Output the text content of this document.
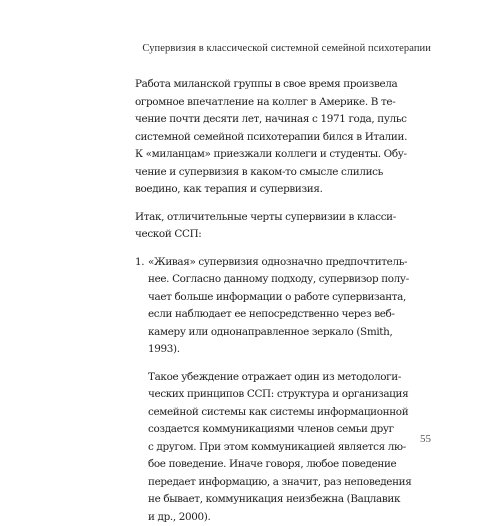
Супервизия в классической системной семейной психотерапии
Работа миланской группы в свое время произвела
огромное впечатление на коллег в Америке. В те-
чение почти десяти лет, начиная с 1971 года, пульс
системной семейной психотерапии бился в Италии.
К «миланцам» приезжали коллеги и студенты. Обу-
чение и супервизия в каком-то смысле слились
воедино, как терапия и супервизия.
Итак, отличительные черты супервизии в класси-
ческой ССП:
1. «Живая» супервизия однозначно предпочтитель-
нее. Согласно данному подходу, супервизор полу-
чает больше информации о работе супервизанта,
если наблюдает ее непосредственно через веб-
камеру или однонаправленное зеркало (Smith,
1993).
Такое убеждение отражает один из методологи-
ческих принципов ССП: структура и организация
семейной системы как системы информационной
создается коммуникациями членов семьи друг
с другом. При этом коммуникацией является лю-
бое поведение. Иначе говоря, любое поведение
передает информацию, а значит, раз неповедения
не бывает, коммуникация неизбежна (Вацлавик
и др., 2000).
55
